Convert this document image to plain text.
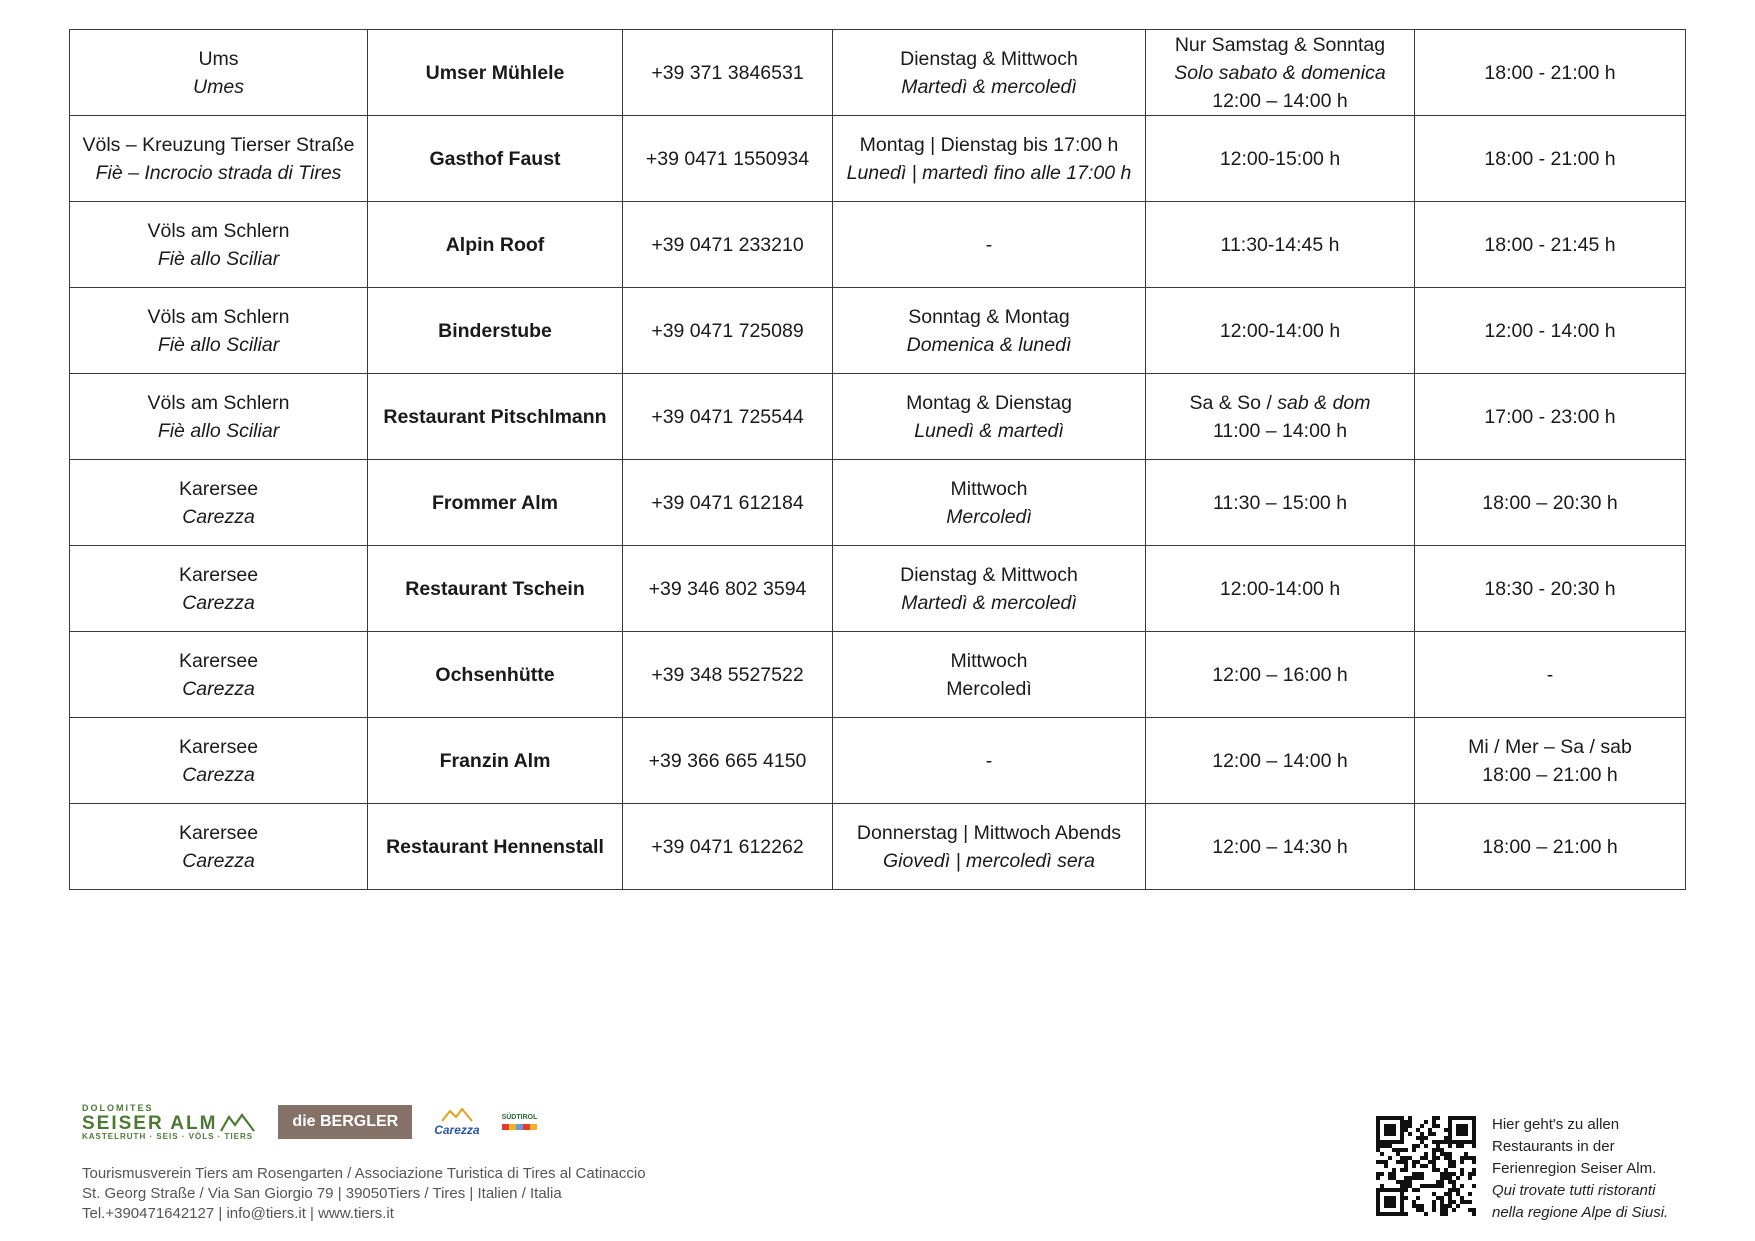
Ums
Umes	Umser Mühlele	+39 371 3846531	Dienstag & Mittwoch
Martedì & mercoledì	Nur Samstag & Sonntag
Solo sabato & domenica
12:00 – 14:00 h	18:00 - 21:00 h

Völs – Kreuzung Tierser Straße
Fiè – Incrocio strada di Tires	Gasthof Faust	+39 0471 1550934	Montag | Dienstag bis 17:00 h
Lunedì | martedì fino alle 17:00 h	12:00-15:00 h	18:00 - 21:00 h

Völs am Schlern
Fiè allo Sciliar	Alpin Roof	+39 0471 233210	-	11:30-14:45 h	18:00 - 21:45 h

Völs am Schlern
Fiè allo Sciliar	Binderstube	+39 0471 725089	Sonntag & Montag
Domenica & lunedì	12:00-14:00 h	12:00 - 14:00 h

Völs am Schlern
Fiè allo Sciliar	Restaurant Pitschlmann	+39 0471 725544	Montag & Dienstag
Lunedì & martedì	Sa & So / sab & dom
11:00 – 14:00 h	17:00 - 23:00 h

Karersee
Carezza	Frommer Alm	+39 0471 612184	Mittwoch
Mercoledì	11:30 – 15:00 h	18:00 – 20:30 h

Karersee
Carezza	Restaurant Tschein	+39 346 802 3594	Dienstag & Mittwoch
Martedì & mercoledì	12:00-14:00 h	18:30 - 20:30 h

Karersee
Carezza	Ochsenhütte	+39 348 5527522	Mittwoch
Mercoledì	12:00 – 16:00 h	-

Karersee
Carezza	Franzin Alm	+39 366 665 4150	-	12:00 – 14:00 h	Mi / Mer – Sa / sab
18:00 – 21:00 h

Karersee
Carezza	Restaurant Hennenstall	+39 0471 612262	Donnerstag | Mittwoch Abends
Giovedì | mercoledì sera	12:00 – 14:30 h	18:00 – 21:00 h
DOLOMITES
SEISER ALM
KASTELRUTH · SEIS · VÖLS · TIERS
die BERGLER	Carezza
SÜDTIROL
Tourismusverein Tiers am Rosengarten / Associazione Turistica di Tires al Catinaccio
St. Georg Straße / Via San Giorgio 79 | 39050Tiers / Tires | Italien / Italia
Tel.+390471642127 | info@tiers.it | www.tiers.it
Hier geht's zu allen
Restaurants in der
Ferienregion Seiser Alm.
Qui trovate tutti ristoranti
nella regione Alpe di Siusi.
